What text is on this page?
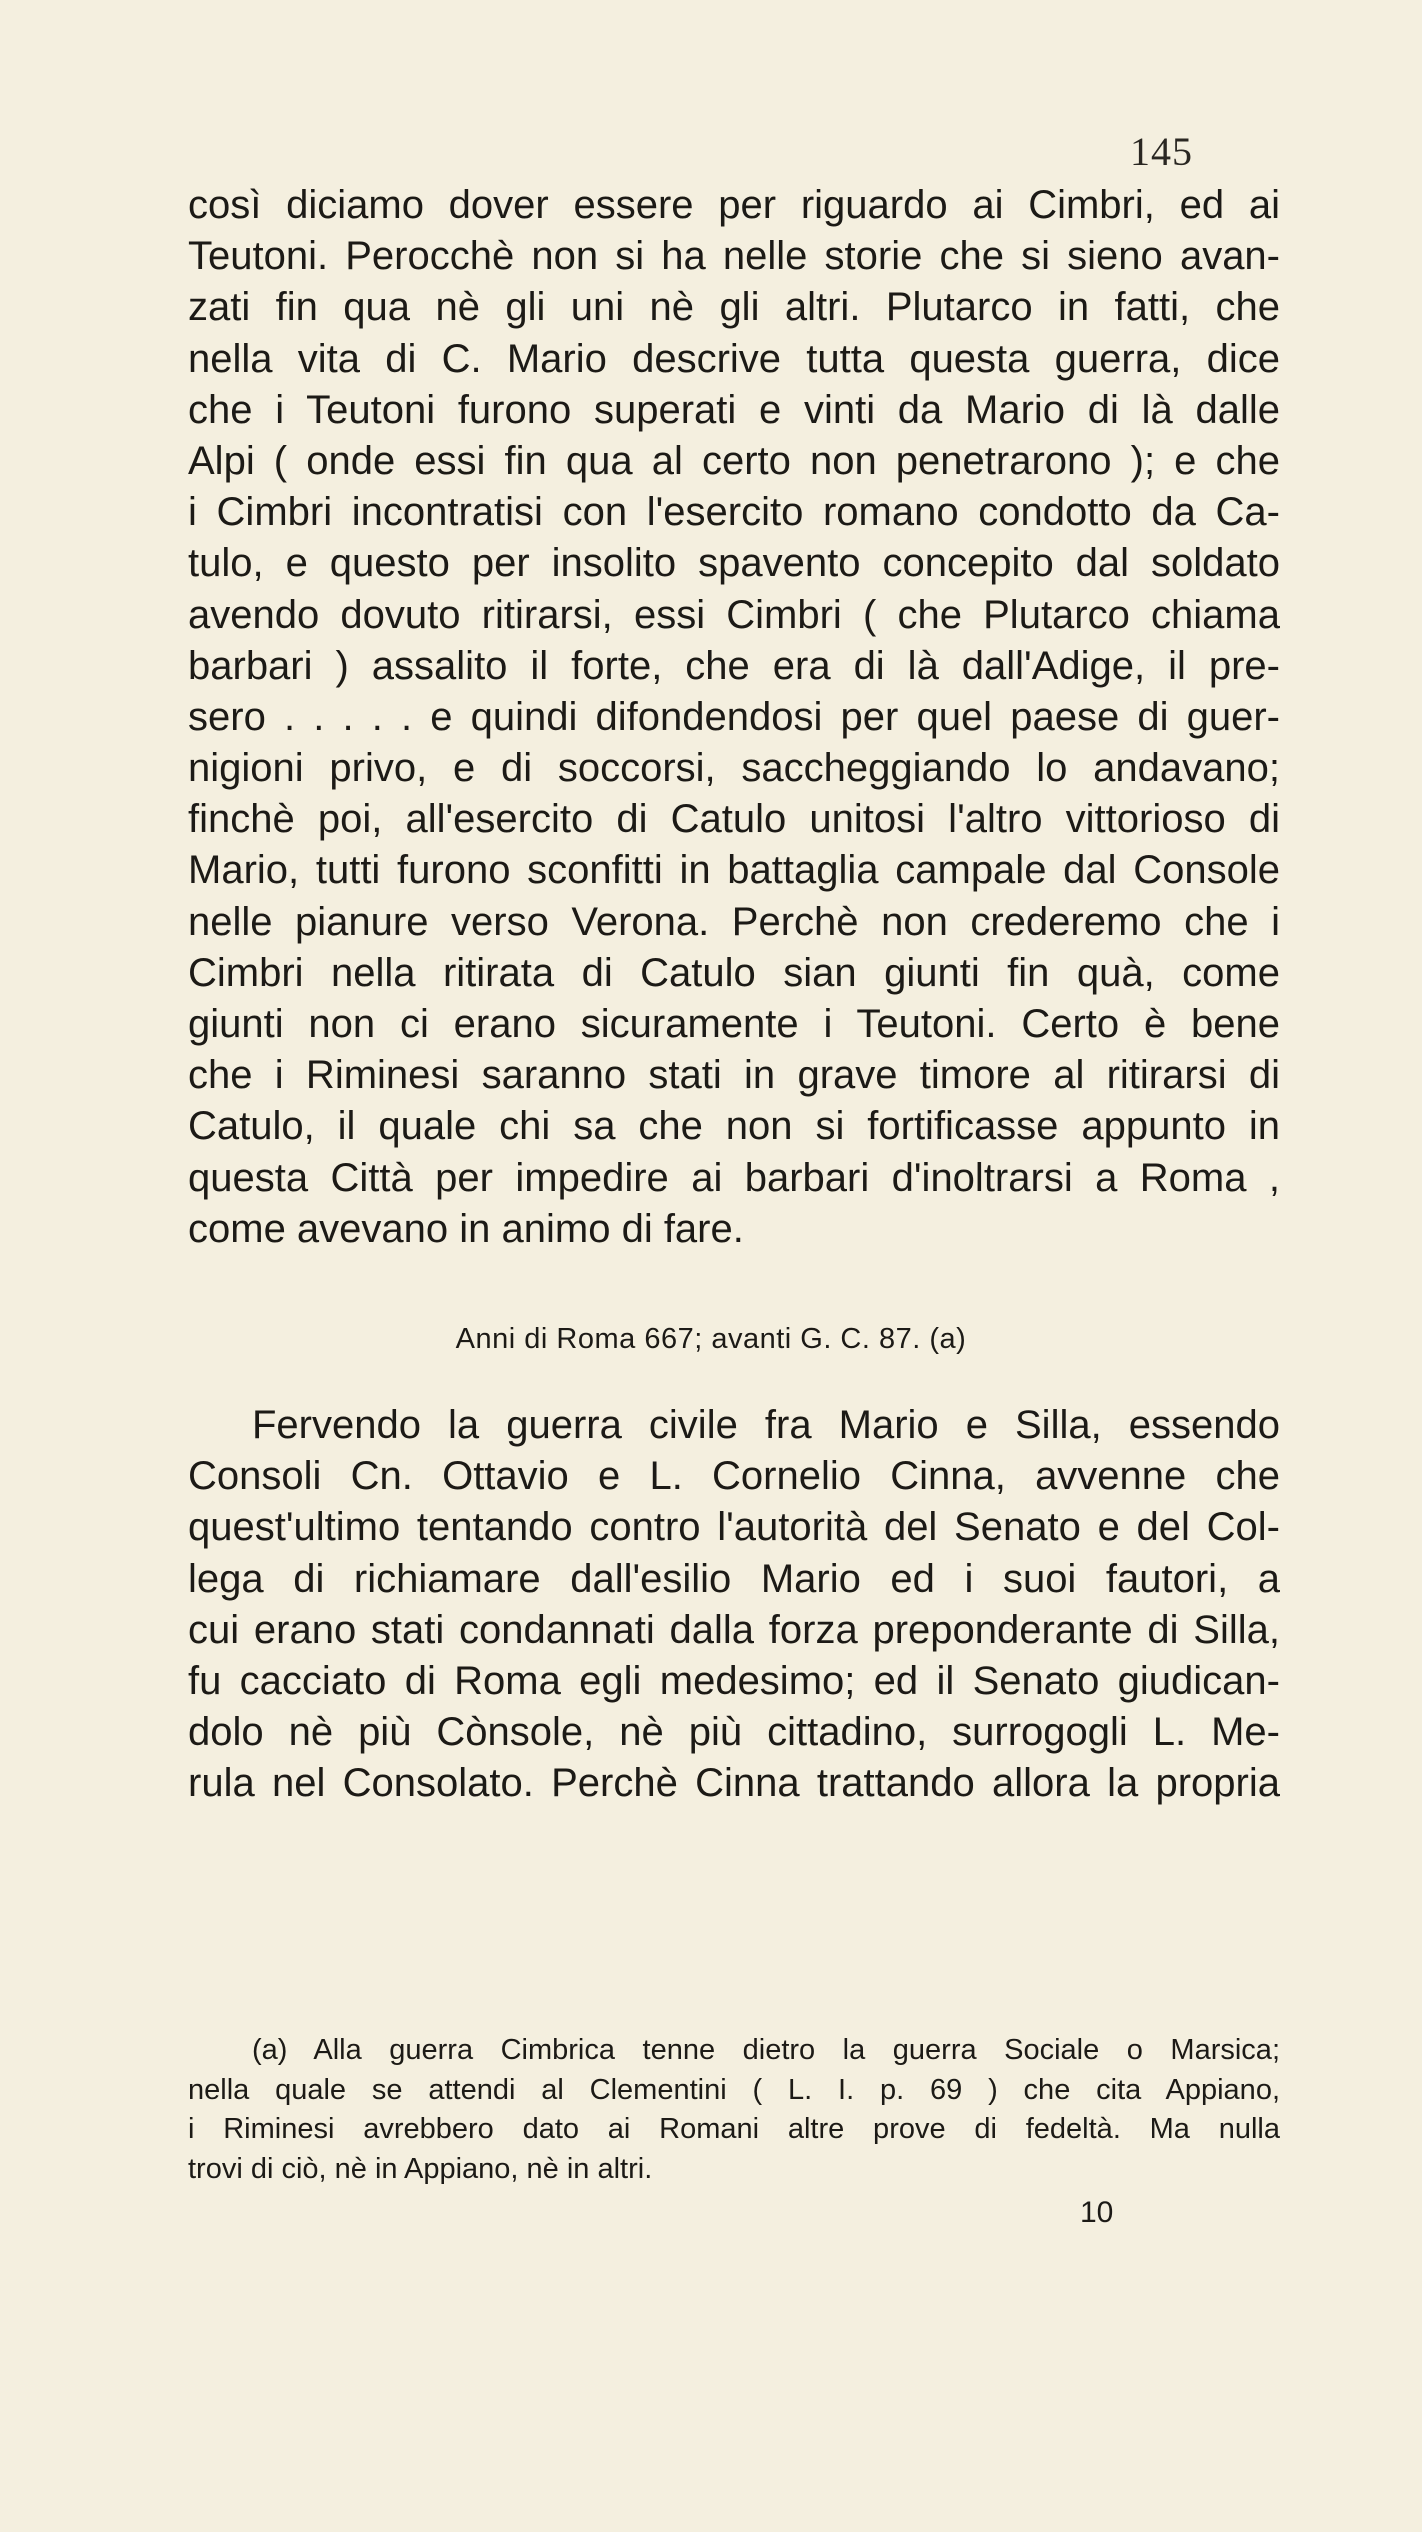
145
così diciamo dover essere per riguardo ai Cimbri, ed ai
Teutoni. Perocchè non si ha nelle storie che si sieno avan-
zati fin qua nè gli uni nè gli altri. Plutarco in fatti, che
nella vita di C. Mario descrive tutta questa guerra, dice
che i Teutoni furono superati e vinti da Mario di là dalle
Alpi ( onde essi fin qua al certo non penetrarono ); e che
i Cimbri incontratisi con l'esercito romano condotto da Ca-
tulo, e questo per insolito spavento concepito dal soldato
avendo dovuto ritirarsi, essi Cimbri ( che Plutarco chiama
barbari ) assalito il forte, che era di là dall'Adige, il pre-
sero . . . . . e quindi difondendosi per quel paese di guer-
nigioni privo, e di soccorsi, saccheggiando lo andavano;
finchè poi, all'esercito di Catulo unitosi l'altro vittorioso di
Mario, tutti furono sconfitti in battaglia campale dal Console
nelle pianure verso Verona. Perchè non crederemo che i
Cimbri nella ritirata di Catulo sian giunti fin quà, come
giunti non ci erano sicuramente i Teutoni. Certo è bene
che i Riminesi saranno stati in grave timore al ritirarsi di
Catulo, il quale chi sa che non si fortificasse appunto in
questa Città per impedire ai barbari d'inoltrarsi a Roma ,
come avevano in animo di fare.
Anni di Roma 667; avanti G. C. 87. (a)
Fervendo la guerra civile fra Mario e Silla, essendo
Consoli Cn. Ottavio e L. Cornelio Cinna, avvenne che
quest'ultimo tentando contro l'autorità del Senato e del Col-
lega di richiamare dall'esilio Mario ed i suoi fautori, a
cui erano stati condannati dalla forza preponderante di Silla,
fu cacciato di Roma egli medesimo; ed il Senato giudican-
dolo nè più Cònsole, nè più cittadino, surrogogli L. Me-
rula nel Consolato. Perchè Cinna trattando allora la propria
(a) Alla guerra Cimbrica tenne dietro la guerra Sociale o Marsica;
nella quale se attendi al Clementini ( L. I. p. 69 ) che cita Appiano,
i Riminesi avrebbero dato ai Romani altre prove di fedeltà. Ma nulla
trovi di ciò, nè in Appiano, nè in altri.
10
